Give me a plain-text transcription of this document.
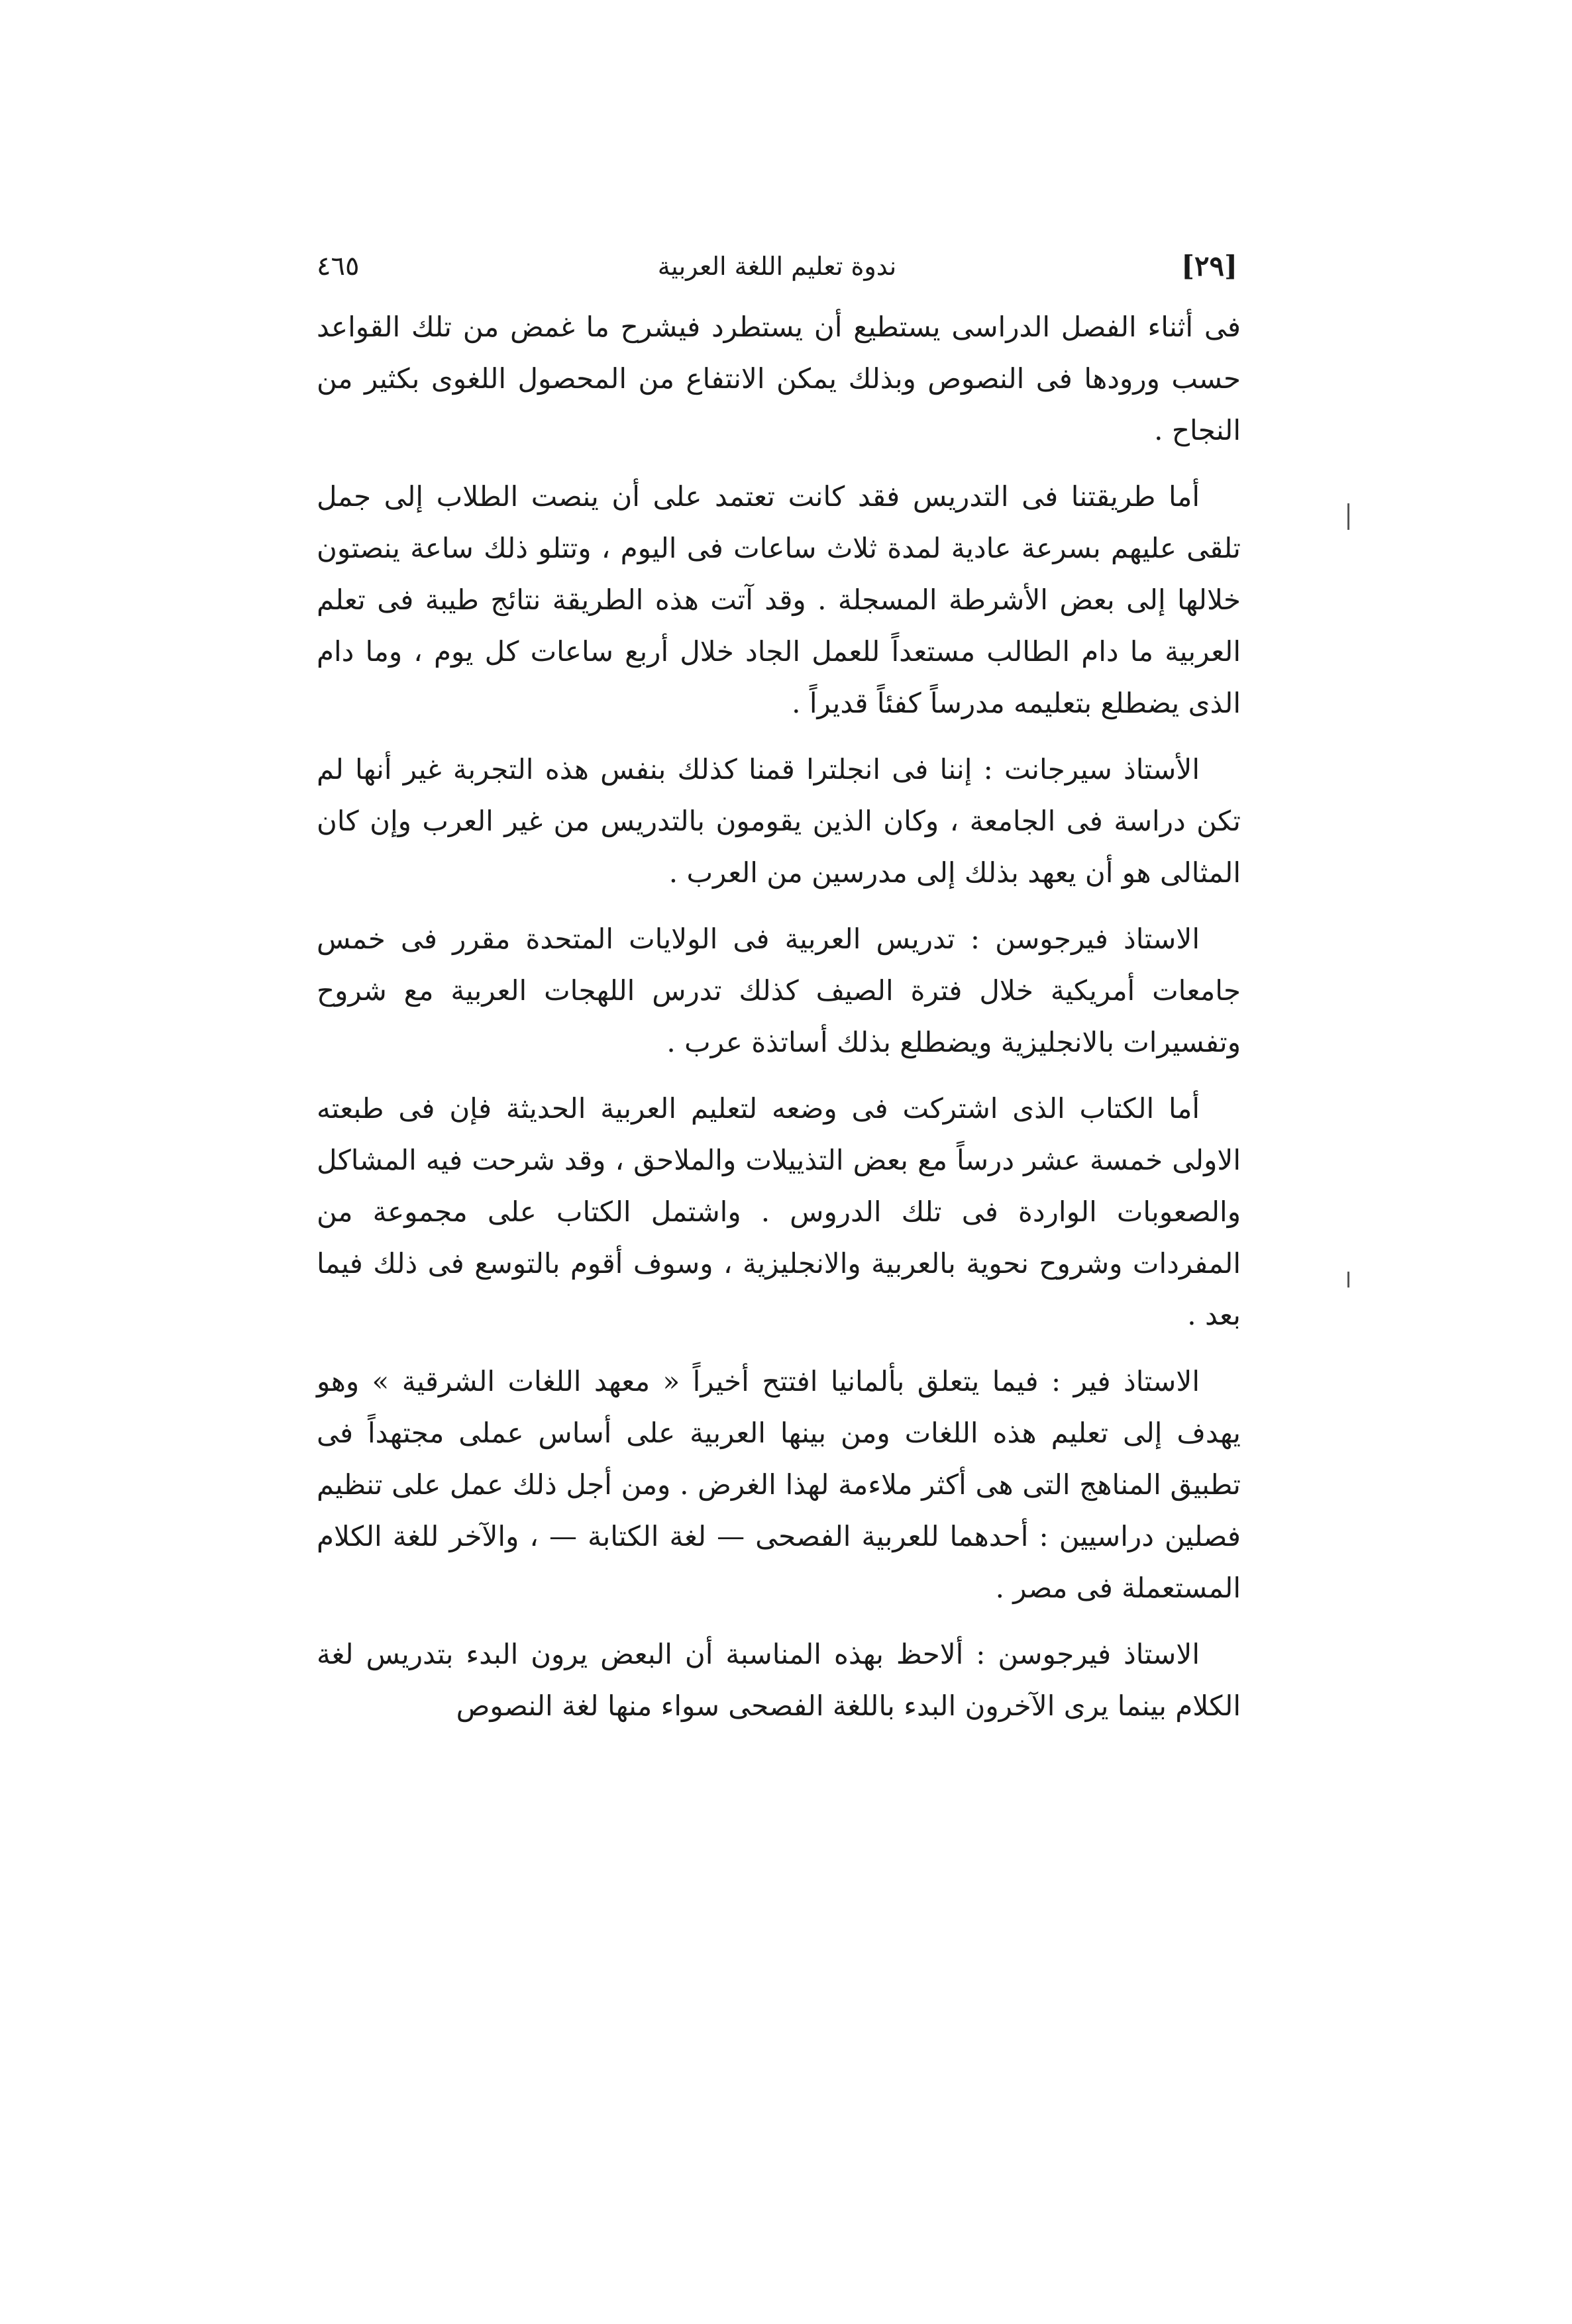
٤٦٥	ندوة تعليم اللغة العربية	[٢٩]

فى أثناء الفصل الدراسى يستطيع أن يستطرد فيشرح ما غمض من تلك القواعد حسب ورودها فى النصوص وبذلك يمكن الانتفاع من المحصول اللغوى بكثير من النجاح .

أما طريقتنا فى التدريس فقد كانت تعتمد على أن ينصت الطلاب إلى جمل تلقى عليهم بسرعة عادية لمدة ثلاث ساعات فى اليوم ، وتتلو ذلك ساعة ينصتون خلالها إلى بعض الأشرطة المسجلة . وقد آتت هذه الطريقة نتائج طيبة فى تعلم العربية ما دام الطالب مستعداً للعمل الجاد خلال أربع ساعات كل يوم ، وما دام الذى يضطلع بتعليمه مدرساً كفئاً قديراً .

الأستاذ سيرجانت : إننا فى انجلترا قمنا كذلك بنفس هذه التجربة غير أنها لم تكن دراسة فى الجامعة ، وكان الذين يقومون بالتدريس من غير العرب وإن كان المثالى هو أن يعهد بذلك إلى مدرسين من العرب .

الاستاذ فيرجوسن : تدريس العربية فى الولايات المتحدة مقرر فى خمس جامعات أمريكية خلال فترة الصيف كذلك تدرس اللهجات العربية مع شروح وتفسيرات بالانجليزية ويضطلع بذلك أساتذة عرب .

أما الكتاب الذى اشتركت فى وضعه لتعليم العربية الحديثة فإن فى طبعته الاولى خمسة عشر درساً مع بعض التذييلات والملاحق ، وقد شرحت فيه المشاكل والصعوبات الواردة فى تلك الدروس . واشتمل الكتاب على مجموعة من المفردات وشروح نحوية بالعربية والانجليزية ، وسوف أقوم بالتوسع فى ذلك فيما بعد .

الاستاذ فير : فيما يتعلق بألمانيا افتتح أخيراً « معهد اللغات الشرقية » وهو يهدف إلى تعليم هذه اللغات ومن بينها العربية على أساس عملى مجتهداً فى تطبيق المناهج التى هى أكثر ملاءمة لهذا الغرض . ومن أجل ذلك عمل على تنظيم فصلين دراسيين : أحدهما للعربية الفصحى — لغة الكتابة — ، والآخر للغة الكلام المستعملة فى مصر .

الاستاذ فيرجوسن : ألاحظ بهذه المناسبة أن البعض يرون البدء بتدريس لغة الكلام بينما يرى الآخرون البدء باللغة الفصحى سواء منها لغة النصوص
